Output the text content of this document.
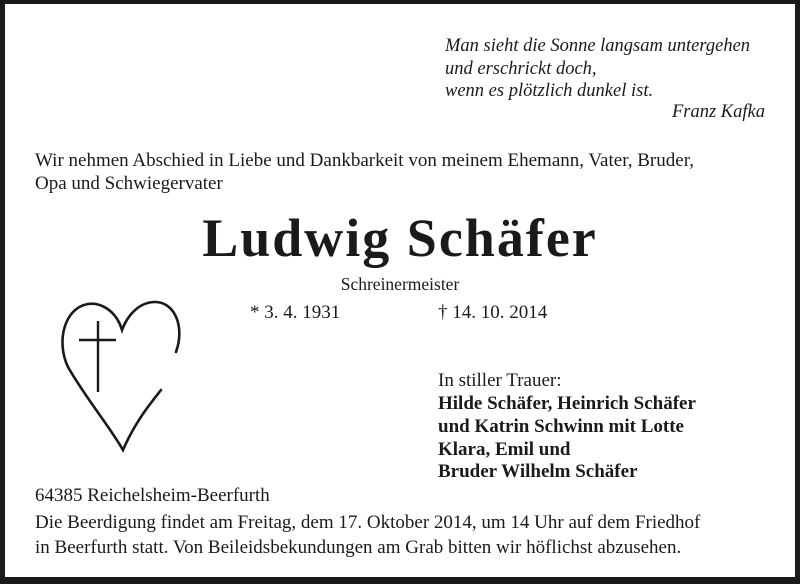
Man sieht die Sonne langsam untergehen
und erschrickt doch,
wenn es plötzlich dunkel ist.
Franz Kafka
Wir nehmen Abschied in Liebe und Dankbarkeit von meinem Ehemann, Vater, Bruder,
Opa und Schwiegervater
Ludwig Schäfer
Schreinermeister
* 3. 4. 1931	† 14. 10. 2014
In stiller Trauer:
Hilde Schäfer, Heinrich Schäfer
und Katrin Schwinn mit Lotte
Klara, Emil und
Bruder Wilhelm Schäfer
64385 Reichelsheim-Beerfurth
Die Beerdigung findet am Freitag, dem 17. Oktober 2014, um 14 Uhr auf dem Friedhof
in Beerfurth statt. Von Beileidsbekundungen am Grab bitten wir höflichst abzusehen.
